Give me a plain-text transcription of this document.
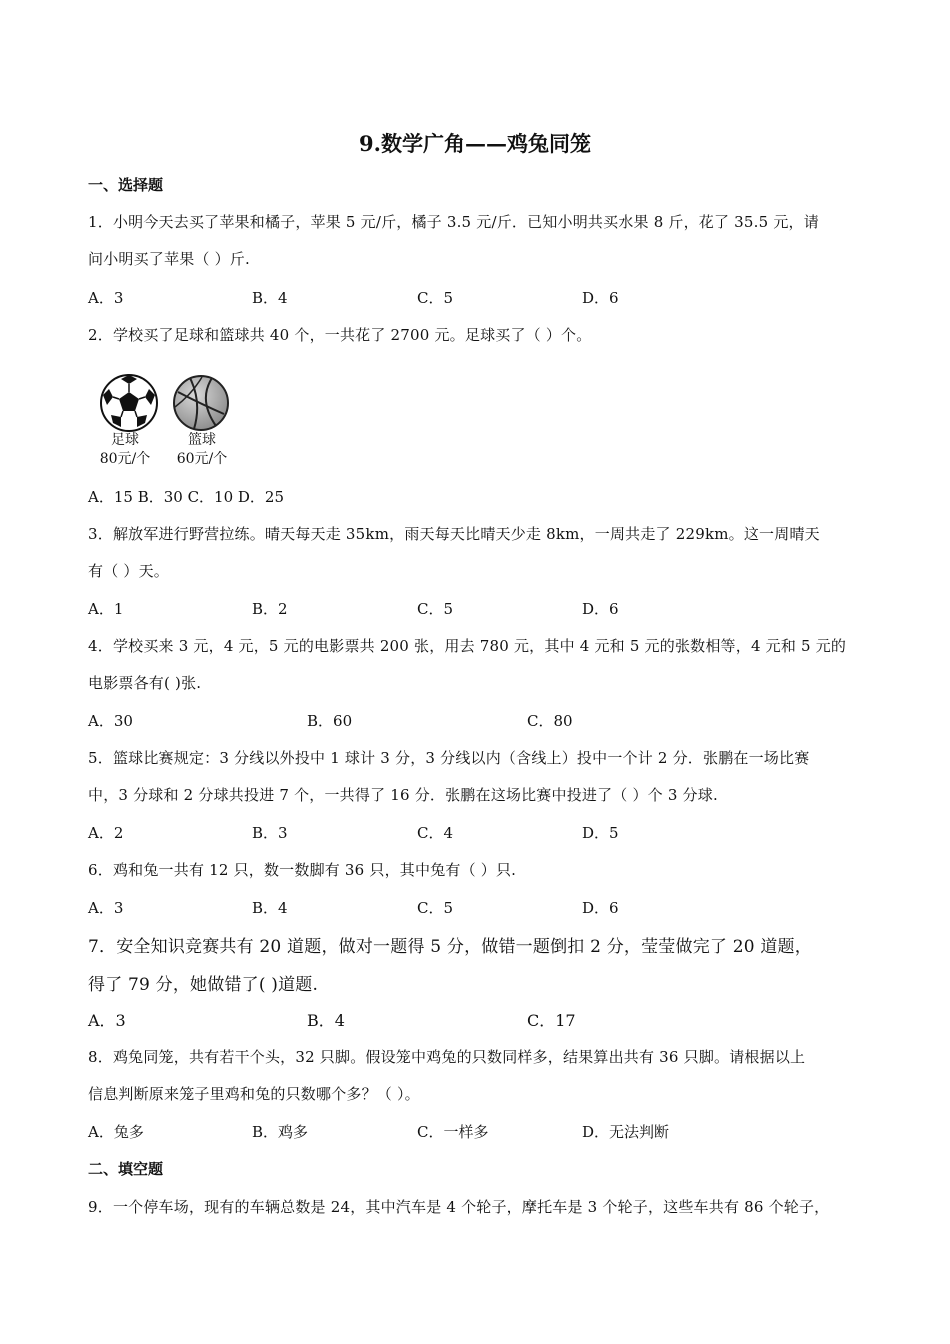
9.数学广角——鸡兔同笼
一、选择题
1．小明今天去买了苹果和橘子，苹果 5 元/斤，橘子 3.5 元/斤．已知小明共买水果 8 斤，花了 35.5 元，请
问小明买了苹果（ ）斤.
A．3	B．4	C．5	D．6
2．学校买了足球和篮球共 40 个，一共花了 2700 元。足球买了（ ）个。
足球
80元/个
篮球
60元/个
A．15 B．30 C．10 D．25
3．解放军进行野营拉练。晴天每天走 35km，雨天每天比晴天少走 8km，一周共走了 229km。这一周晴天
有（ ）天。
A．1	B．2	C．5	D．6
4．学校买来 3 元，4 元，5 元的电影票共 200 张，用去 780 元，其中 4 元和 5 元的张数相等，4 元和 5 元的
电影票各有( )张.
A．30	B．60	C．80
5．篮球比赛规定：3 分线以外投中 1 球计 3 分，3 分线以内（含线上）投中一个计 2 分．张鹏在一场比赛
中，3 分球和 2 分球共投进 7 个，一共得了 16 分．张鹏在这场比赛中投进了（ ）个 3 分球.
A．2	B．3	C．4	D．5
6．鸡和兔一共有 12 只，数一数脚有 36 只，其中兔有（ ）只.
A．3	B．4	C．5	D．6
7．安全知识竞赛共有 20 道题，做对一题得 5 分，做错一题倒扣 2 分，莹莹做完了 20 道题，
得了 79 分，她做错了( )道题.
A．3	B．4	C．17
8．鸡兔同笼，共有若干个头，32 只脚。假设笼中鸡兔的只数同样多，结果算出共有 36 只脚。请根据以上
信息判断原来笼子里鸡和兔的只数哪个多？（ ）。
A．兔多	B．鸡多	C．一样多	D．无法判断
二、填空题
9．一个停车场，现有的车辆总数是 24，其中汽车是 4 个轮子，摩托车是 3 个轮子，这些车共有 86 个轮子，
